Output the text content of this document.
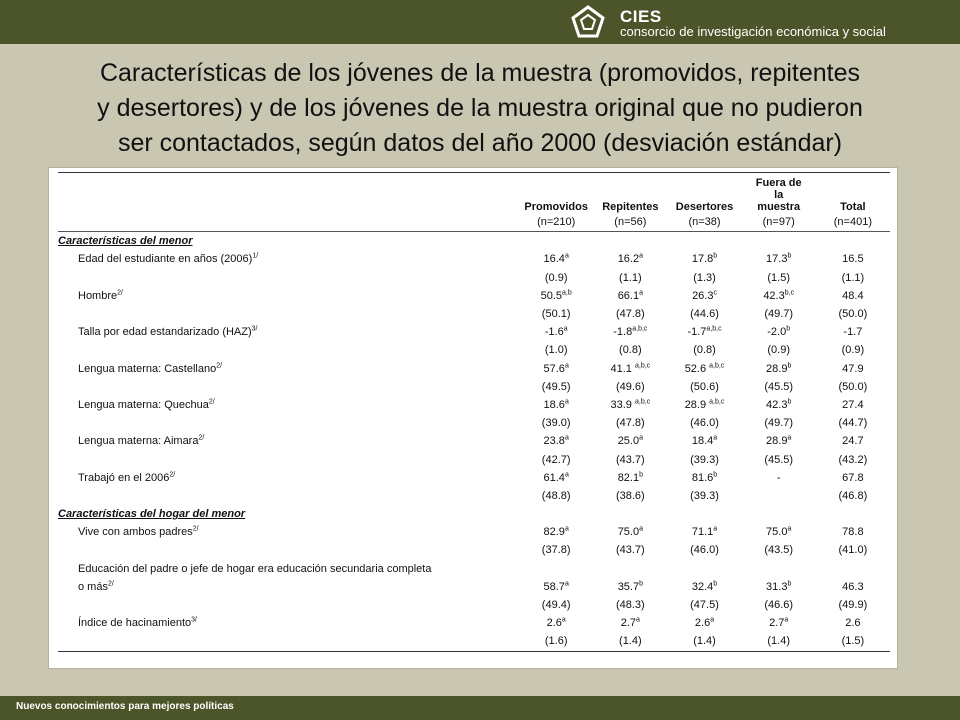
CIES
consorcio de investigación económica y social
Características de los jóvenes de la muestra (promovidos, repitentes
y desertores) y de los jóvenes de la muestra original que no pudieron
ser contactados, según datos del año 2000 (desviación estándar)
	Promovidos	Repitentes	Desertores	Fuera de
la
muestra	Total
	(n=210)	(n=56)	(n=38)	(n=97)	(n=401)
Características del menor					
Edad del estudiante en años $(2006)^{1/}$	16.4$^a$	16.2$^a$	17.8$^b$	17.3$^b$	16.5
	(0.9)	(1.1)	(1.3)	(1.5)	(1.1)
Hombre$^{2/}$	50.5$^{a,b}$	66.1$^a$	26.3$^c$	42.3$^{b,c}$	48.4
	(50.1)	(47.8)	(44.6)	(49.7)	(50.0)
Talla por edad estandarizado (HAZ)$^{3/}$	-1.6$^a$	-1.8$^{a,b,c}$	-1.7$^{a,b,c}$	-2.0$^b$	-1.7
	(1.0)	(0.8)	(0.8)	(0.9)	(0.9)
Lengua materna: Castellano$^{2/}$	57.6$^a$	41.1 $^{a,b,c}$	52.6 $^{a,b,c}$	28.9$^b$	47.9
	(49.5)	(49.6)	(50.6)	(45.5)	(50.0)
Lengua materna: Quechua$^{2/}$	18.6$^a$	33.9 $^{a,b,c}$	28.9 $^{a,b,c}$	42.3$^b$	27.4
	(39.0)	(47.8)	(46.0)	(49.7)	(44.7)
Lengua materna: Aimara$^{2/}$	23.8$^a$	25.0$^a$	18.4$^a$	28.9$^a$	24.7
	(42.7)	(43.7)	(39.3)	(45.5)	(43.2)
Trabajó en el $2006^{2/}$	61.4$^a$	82.1$^b$	81.6$^b$	-	67.8
	(48.8)	(38.6)	(39.3)		(46.8)
Características del hogar del menor					
Vive con ambos padres$^{2/}$	82.9$^a$	75.0$^a$	71.1$^a$	75.0$^a$	78.8
	(37.8)	(43.7)	(46.0)	(43.5)	(41.0)
Educación del padre o jefe de hogar era educación secundaria completa					
o más$^{2/}$	58.7$^a$	35.7$^b$	32.4$^b$	31.3$^b$	46.3
	(49.4)	(48.3)	(47.5)	(46.6)	(49.9)
Índice de hacinamiento$^{3/}$	2.6$^a$	2.7$^a$	2.6$^a$	2.7$^a$	2.6
	(1.6)	(1.4)	(1.4)	(1.4)	(1.5)
Nuevos conocimientos para mejores políticas
